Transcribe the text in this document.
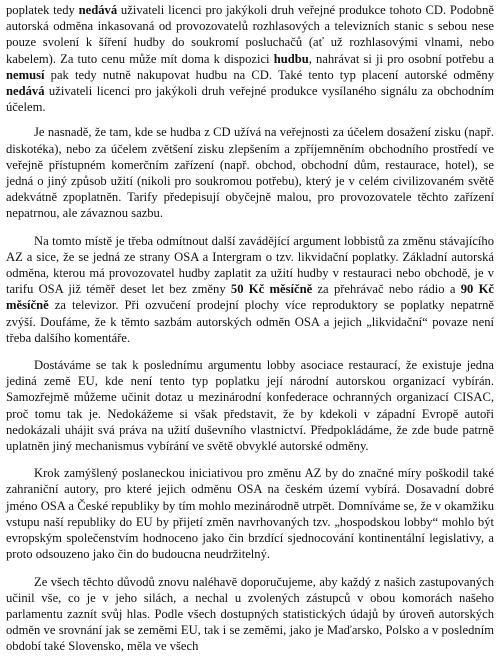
poplatek tedy nedává uživateli licenci pro jakýkoli druh veřejné produkce tohoto CD. Podobně autorská odměna inkasovaná od provozovatelů rozhlasových a televizních stanic s sebou nese pouze svolení k šíření hudby do soukromí posluchačů (ať už rozhlasovými vlnami, nebo kabelem). Za tuto cenu může mít doma k dispozici hudbu, nahrávat si ji pro osobní potřebu a nemusí pak tedy nutně nakupovat hudbu na CD. Také tento typ placení autorské odměny nedává uživateli licenci pro jakýkoli druh veřejné produkce vysílaného signálu za obchodním účelem.

Je nasnadě, že tam, kde se hudba z CD užívá na veřejnosti za účelem dosažení zisku (např. diskotéka), nebo za účelem zvětšení zisku zlepšením a zpříjemněním obchodního prostředí ve veřejně přístupném komerčním zařízení (např. obchod, obchodní dům, restaurace, hotel), se jedná o jiný způsob užití (nikoli pro soukromou potřebu), který je v celém civilizovaném světě adekvátně zpoplatněn. Tarify předepisují obyčejně malou, pro provozovatele těchto zařízení nepatrnou, ale závaznou sazbu.

Na tomto místě je třeba odmítnout další zavádějící argument lobbistů za změnu stávajícího AZ a sice, že se jedná ze strany OSA a Intergram o tzv. likvidační poplatky. Základní autorská odměna, kterou má provozovatel hudby zaplatit za užití hudby v restauraci nebo obchodě, je v tarifu OSA již téměř deset let bez změny 50 Kč měsíčně za přehrávač nebo rádio a 90 Kč měsíčně za televizor. Při ozvučení prodejní plochy více reproduktory se poplatky nepatrně zvýší. Doufáme, že k těmto sazbám autorských odměn OSA a jejich „likvidační“ povaze není třeba dalšího komentáře.

Dostáváme se tak k poslednímu argumentu lobby asociace restaurací, že existuje jedna jediná země EU, kde není tento typ poplatku její národní autorskou organizací vybírán. Samozřejmě můžeme učinit dotaz u mezinárodní konfederace ochranných organizací CISAC, proč tomu tak je. Nedokážeme si však představit, že by kdekoli v západní Evropě autoři nedokázali uhájit svá práva na užití duševního vlastnictví. Předpokládáme, že zde bude patrně uplatněn jiný mechanismus vybírání ve světě obvyklé autorské odměny.

Krok zamýšlený poslaneckou iniciativou pro změnu AZ by do značné míry poškodil také zahraniční autory, pro které jejich odměnu OSA na českém území vybírá. Dosavadní dobré jméno OSA a České republiky by tím mohlo mezinárodně utrpět. Domníváme se, že v okamžiku vstupu naší republiky do EU by přijetí změn navrhovaných tzv. „hospodskou lobby“ mohlo být evropským společenstvím hodnoceno jako čin brzdící sjednocování kontinentální legislativy, a proto odsouzeno jako čin do budoucna neudržitelný.

Ze všech těchto důvodů znovu naléhavě doporučujeme, aby každý z našich zastupovaných učinil vše, co je v jeho silách, a nechal u zvolených zástupců v obou komorách našeho parlamentu zaznít svůj hlas. Podle všech dostupných statistických údajů by úroveň autorských odměn ve srovnání jak se zeměmi EU, tak i se zeměmi, jako je Maďarsko, Polsko a v posledním období také Slovensko, měla ve všech
